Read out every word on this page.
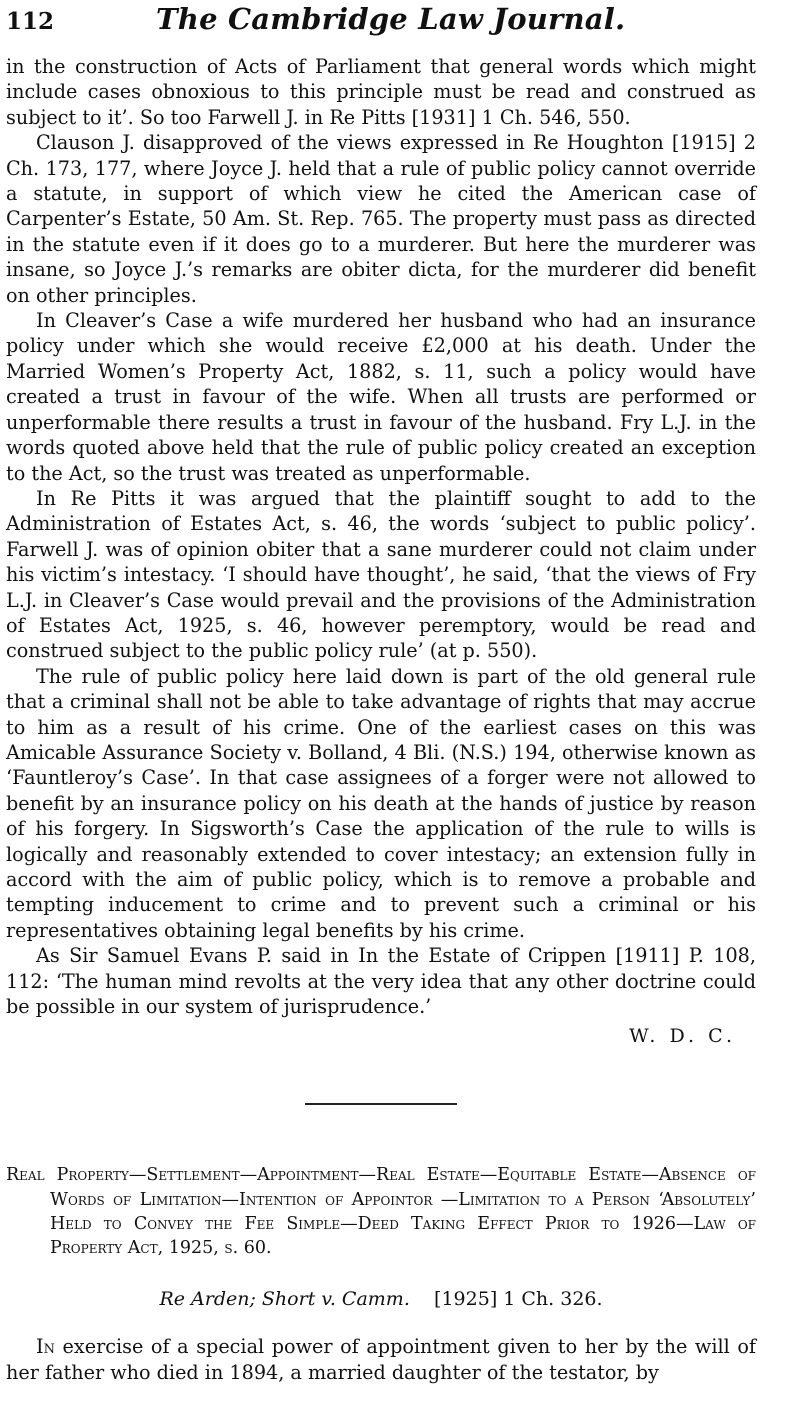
112	The Cambridge Law Journal.

in the construction of Acts of Parliament that general words which might include cases obnoxious to this principle must be read and construed as subject to it’. So too Farwell J. in Re Pitts [1931] 1 Ch. 546, 550.

Clauson J. disapproved of the views expressed in Re Houghton [1915] 2 Ch. 173, 177, where Joyce J. held that a rule of public policy cannot override a statute, in support of which view he cited the American case of Carpenter’s Estate, 50 Am. St. Rep. 765. The property must pass as directed in the statute even if it does go to a murderer. But here the murderer was insane, so Joyce J.’s remarks are obiter dicta, for the murderer did benefit on other principles.

In Cleaver’s Case a wife murdered her husband who had an insurance policy under which she would receive £2,000 at his death. Under the Married Women’s Property Act, 1882, s. 11, such a policy would have created a trust in favour of the wife. When all trusts are performed or unperformable there results a trust in favour of the husband. Fry L.J. in the words quoted above held that the rule of public policy created an exception to the Act, so the trust was treated as unperformable.

In Re Pitts it was argued that the plaintiff sought to add to the Administration of Estates Act, s. 46, the words ‘subject to public policy’. Farwell J. was of opinion obiter that a sane murderer could not claim under his victim’s intestacy. ‘I should have thought’, he said, ‘that the views of Fry L.J. in Cleaver’s Case would prevail and the provisions of the Administration of Estates Act, 1925, s. 46, however peremptory, would be read and construed subject to the public policy rule’ (at p. 550).

The rule of public policy here laid down is part of the old general rule that a criminal shall not be able to take advantage of rights that may accrue to him as a result of his crime. One of the earliest cases on this was Amicable Assurance Society v. Bolland, 4 Bli. (N.S.) 194, otherwise known as ‘Fauntleroy’s Case’. In that case assignees of a forger were not allowed to benefit by an insurance policy on his death at the hands of justice by reason of his forgery. In Sigsworth’s Case the application of the rule to wills is logically and reasonably extended to cover intestacy; an extension fully in accord with the aim of public policy, which is to remove a probable and tempting inducement to crime and to prevent such a criminal or his representatives obtaining legal benefits by his crime.

As Sir Samuel Evans P. said in In the Estate of Crippen [1911] P. 108, 112: ‘The human mind revolts at the very idea that any other doctrine could be possible in our system of jurisprudence.’

W. D. C.
Real Property—Settlement—Appointment—Real Estate—Equitable Estate—Absence of Words of Limitation—Intention of Appointor —Limitation to a Person ‘Absolutely’ Held to Convey the Fee Simple—Deed Taking Effect Prior to 1926—Law of Property Act, 1925, s. 60.
Re Arden; Short v. Camm. [1925] 1 Ch. 326.
In exercise of a special power of appointment given to her by the will of her father who died in 1894, a married daughter of the testator, by
